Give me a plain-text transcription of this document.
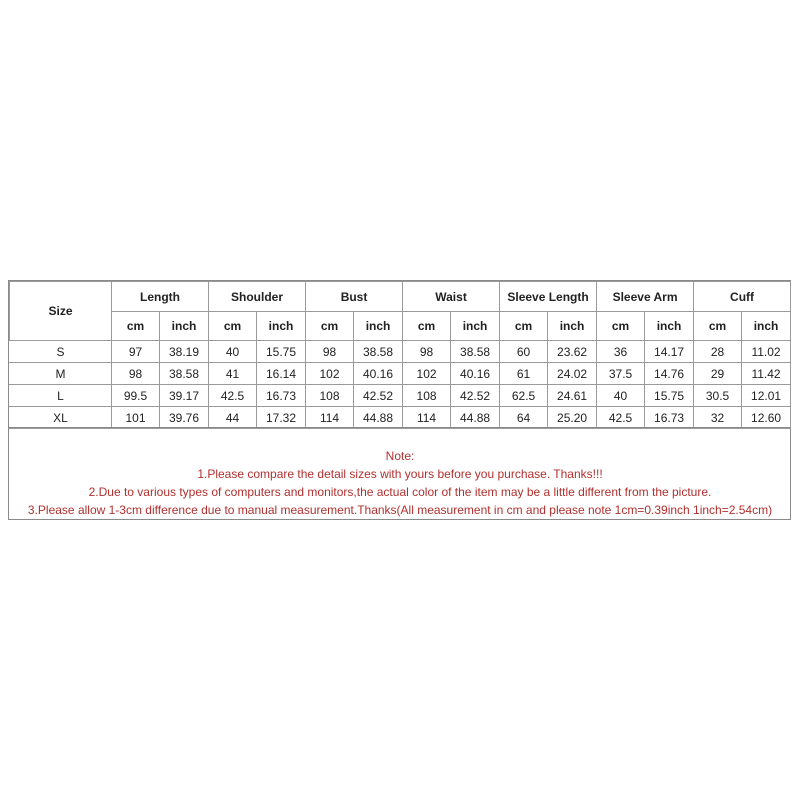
Size	Length		Shoulder		Bust		Waist		Sleeve Length		Sleeve Arm		Cuff	
	cm	inch	cm	inch	cm	inch	cm	inch	cm	inch	cm	inch	cm	inch
S	97	38.19	40	15.75	98	38.58	98	38.58	60	23.62	36	14.17	28	11.02
M	98	38.58	41	16.14	102	40.16	102	40.16	61	24.02	37.5	14.76	29	11.42
L	99.5	39.17	42.5	16.73	108	42.52	108	42.52	62.5	24.61	40	15.75	30.5	12.01
XL	101	39.76	44	17.32	114	44.88	114	44.88	64	25.20	42.5	16.73	32	12.60
Note:
1.Please compare the detail sizes with yours before you purchase. Thanks!!!
2.Due to various types of computers and monitors,the actual color of the item may be a little different from the picture.
3.Please allow 1-3cm difference due to manual measurement.Thanks(All measurement in cm and please note 1cm=0.39inch 1inch=2.54cm)
